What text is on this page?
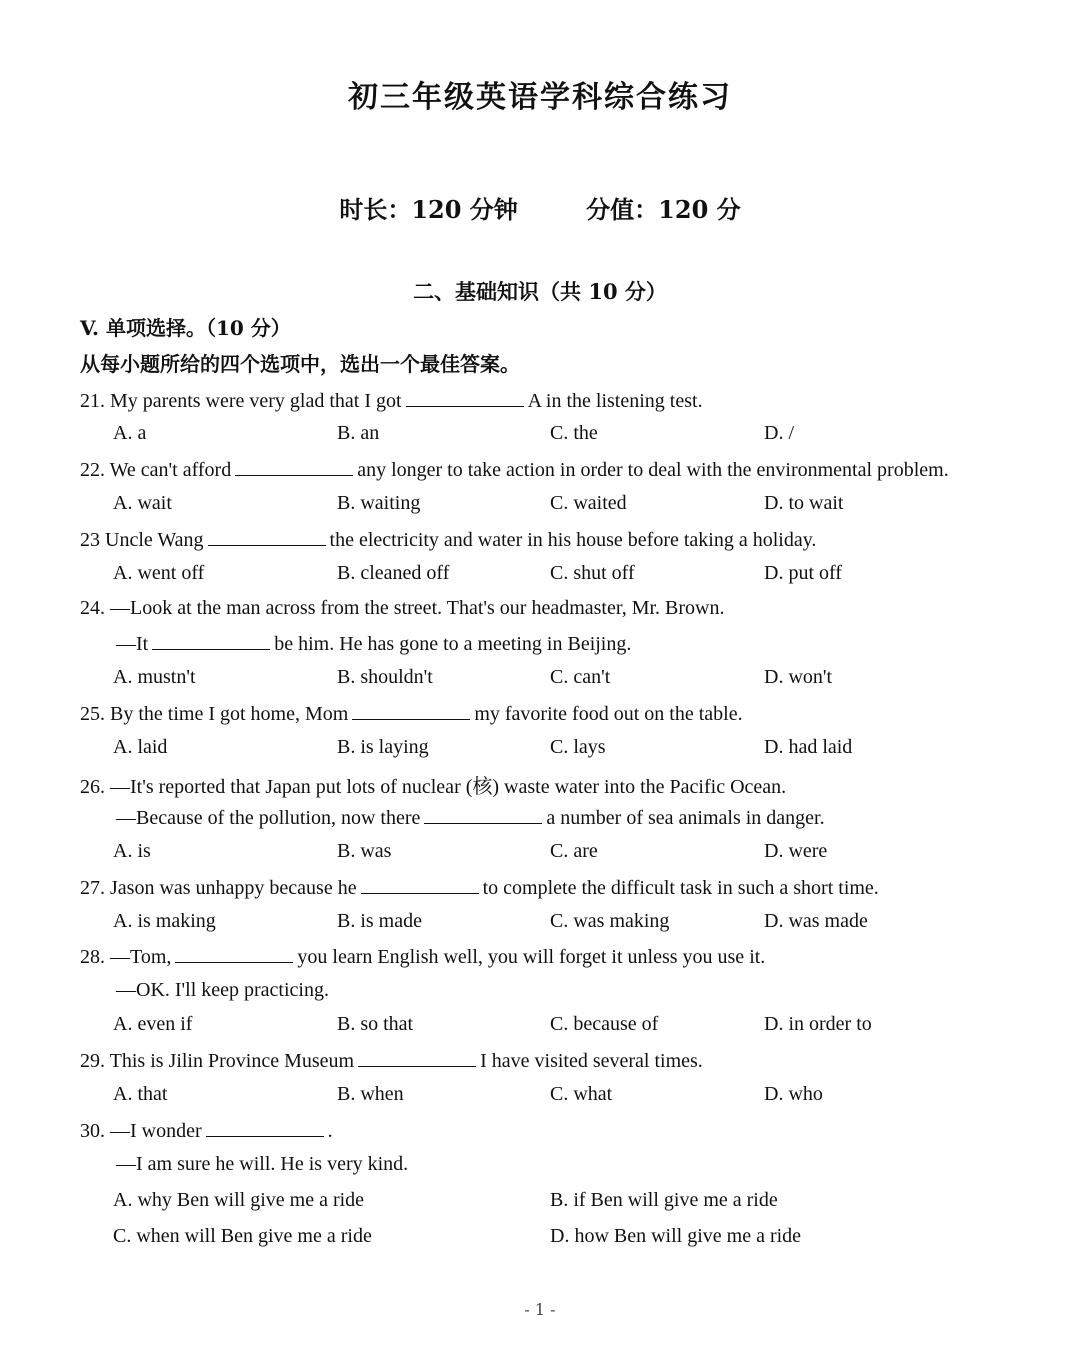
初三年级英语学科综合练习
时长：120 分钟	分值：120 分
二、基础知识（共 10 分）
V. 单项选择。（10 分）
从每小题所给的四个选项中，选出一个最佳答案。
21. My parents were very glad that I got	A in the listening test.
A. a	B. an	C. the	D. /
22. We can't afford	any longer to take action in order to deal with the environmental problem.
A. wait	B. waiting	C. waited	D. to wait
23 Uncle Wang	the electricity and water in his house before taking a holiday.
A. went off	B. cleaned off	C. shut off	D. put off
24. —Look at the man across from the street. That's our headmaster, Mr. Brown.
—It	be him. He has gone to a meeting in Beijing.
A. mustn't	B. shouldn't	C. can't	D. won't
25. By the time I got home, Mom	my favorite food out on the table.
A. laid	B. is laying	C. lays	D. had laid
26. —It's reported that Japan put lots of nuclear (核) waste water into the Pacific Ocean.
—Because of the pollution, now there	a number of sea animals in danger.
A. is	B. was	C. are	D. were
27. Jason was unhappy because he	to complete the difficult task in such a short time.
A. is making	B. is made	C. was making	D. was made
28. —Tom,	you learn English well, you will forget it unless you use it.
—OK. I'll keep practicing.
A. even if	B. so that	C. because of	D. in order to
29. This is Jilin Province Museum	I have visited several times.
A. that	B. when	C. what	D. who
30. —I wonder	.
—I am sure he will. He is very kind.
A. why Ben will give me a ride	B. if Ben will give me a ride
C. when will Ben give me a ride	D. how Ben will give me a ride
- 1 -
